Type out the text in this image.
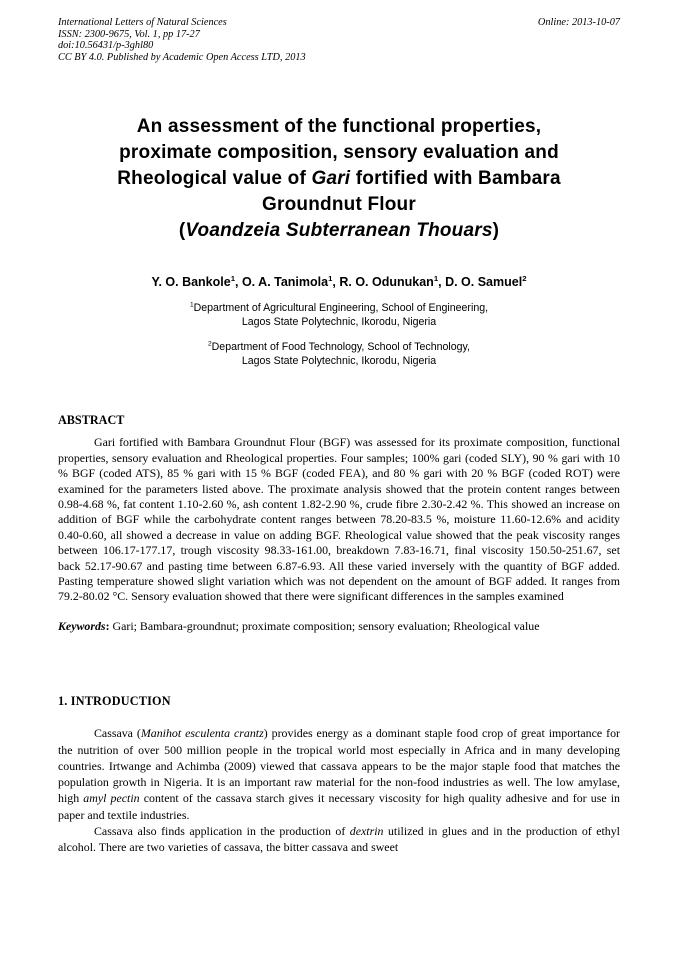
International Letters of Natural Sciences
ISSN: 2300-9675, Vol. 1, pp 17-27
doi:10.56431/p-3ghl80
CC BY 4.0. Published by Academic Open Access LTD, 2013
Online: 2013-10-07
An assessment of the functional properties,
proximate composition, sensory evaluation and
Rheological value of Gari fortified with Bambara
Groundnut Flour
(Voandzeia Subterranean Thouars)
Y. O. Bankole$^1$, O. A. Tanimola$^1$, R. O. Odunukan$^1$, D. O. Samuel$^2$
$^1$Department of Agricultural Engineering, School of Engineering,
Lagos State Polytechnic, Ikorodu, Nigeria
$^2$Department of Food Technology, School of Technology,
Lagos State Polytechnic, Ikorodu, Nigeria
ABSTRACT

Gari fortified with Bambara Groundnut Flour (BGF) was assessed for its proximate composition, functional properties, sensory evaluation and Rheological properties. Four samples; 100% gari (coded SLY), 90 % gari with 10 % BGF (coded ATS), 85 % gari with 15 % BGF (coded FEA), and 80 % gari with 20 % BGF (coded ROT) were examined for the parameters listed above. The proximate analysis showed that the protein content ranges between 0.98-4.68 %, fat content 1.10-2.60 %, ash content 1.82-2.90 %, crude fibre 2.30-2.42 %. This showed an increase on addition of BGF while the carbohydrate content ranges between 78.20-83.5 %, moisture 11.60-12.6% and acidity 0.40-0.60, all showed a decrease in value on adding BGF. Rheological value showed that the peak viscosity ranges between 106.17-177.17, trough viscosity 98.33-161.00, breakdown 7.83-16.71, final viscosity 150.50-251.67, set back 52.17-90.67 and pasting time between 6.87-6.93. All these varied inversely with the quantity of BGF added. Pasting temperature showed slight variation which was not dependent on the amount of BGF added. It ranges from 79.2-80.02 °C. Sensory evaluation showed that there were significant differences in the samples examined

Keywords: Gari; Bambara-groundnut; proximate composition; sensory evaluation; Rheological value

1. INTRODUCTION

Cassava (Manihot esculenta crantz) provides energy as a dominant staple food crop of great importance for the nutrition of over 500 million people in the tropical world most especially in Africa and in many developing countries. Irtwange and Achimba (2009) viewed that cassava appears to be the major staple food that matches the population growth in Nigeria. It is an important raw material for the non-food industries as well. The low amylase, high amyl pectin content of the cassava starch gives it necessary viscosity for high quality adhesive and for use in paper and textile industries.

Cassava also finds application in the production of dextrin utilized in glues and in the production of ethyl alcohol. There are two varieties of cassava, the bitter cassava and sweet
